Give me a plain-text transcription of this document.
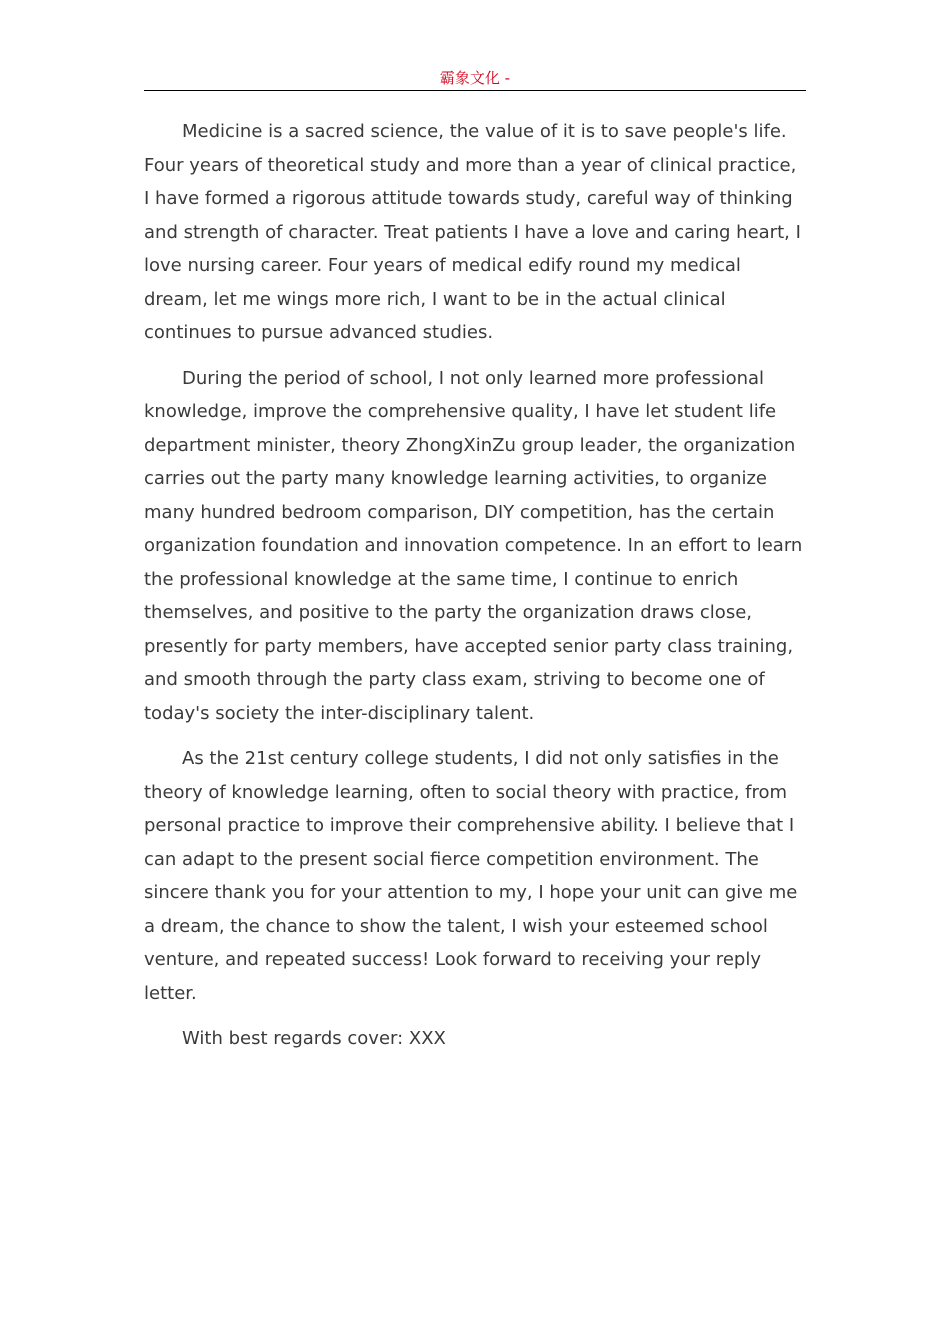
霸象文化 -

Medicine is a sacred science, the value of it is to save people's life. Four years of theoretical study and more than a year of clinical practice, I have formed a rigorous attitude towards study, careful way of thinking and strength of character. Treat patients I have a love and caring heart, I love nursing career. Four years of medical edify round my medical dream, let me wings more rich, I want to be in the actual clinical continues to pursue advanced studies.

During the period of school, I not only learned more professional knowledge, improve the comprehensive quality, I have let student life department minister, theory ZhongXinZu group leader, the organization carries out the party many knowledge learning activities, to organize many hundred bedroom comparison, DIY competition, has the certain organization foundation and innovation competence. In an effort to learn the professional knowledge at the same time, I continue to enrich themselves, and positive to the party the organization draws close, presently for party members, have accepted senior party class training, and smooth through the party class exam, striving to become one of today's society the inter-disciplinary talent.

As the 21st century college students, I did not only satisfies in the theory of knowledge learning, often to social theory with practice, from personal practice to improve their comprehensive ability. I believe that I can adapt to the present social fierce competition environment. The sincere thank you for your attention to my, I hope your unit can give me a dream, the chance to show the talent, I wish your esteemed school venture, and repeated success! Look forward to receiving your reply letter.

With best regards cover: XXX
